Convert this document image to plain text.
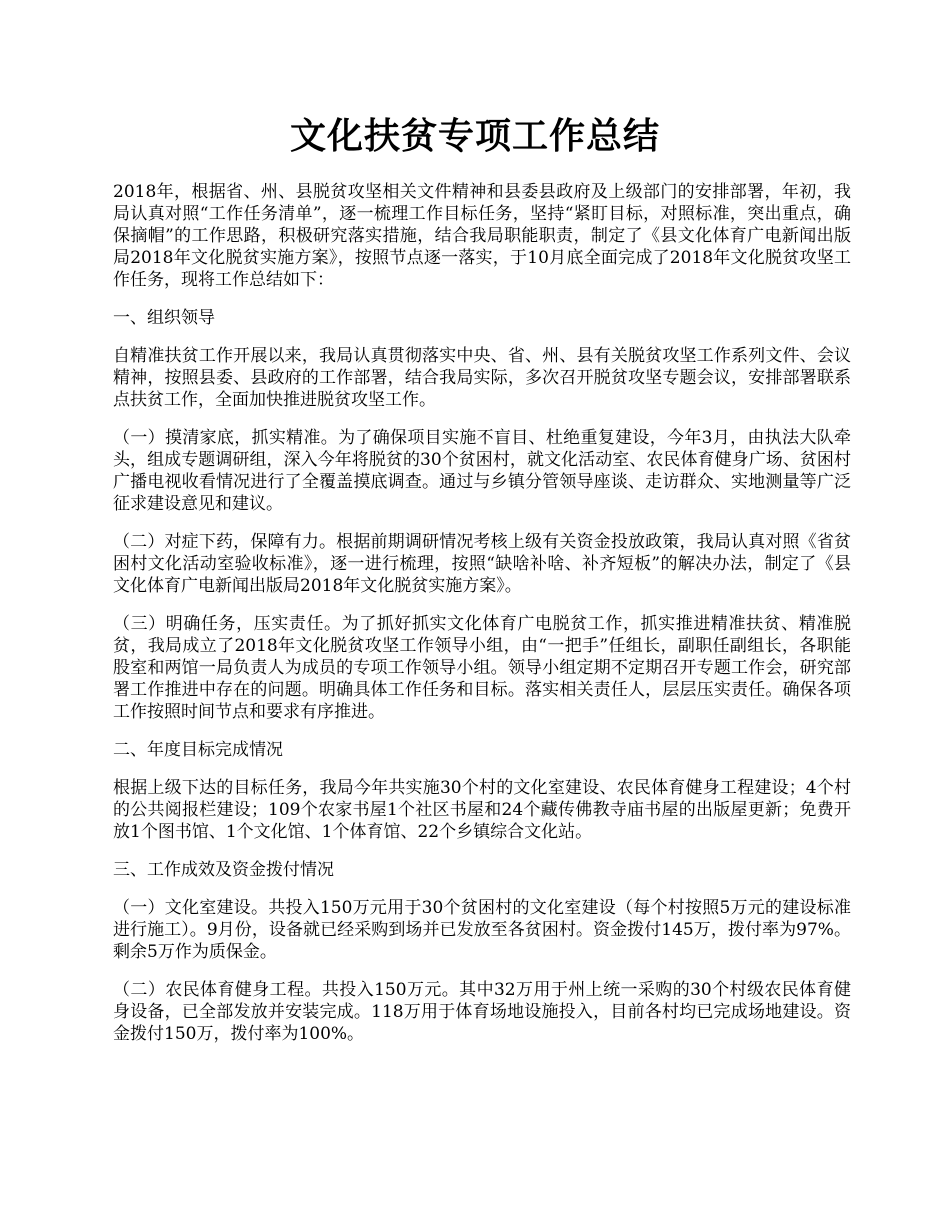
文化扶贫专项工作总结

2018年，根据省、州、县脱贫攻坚相关文件精神和县委县政府及上级部门的安排部署，年初，我局认真对照“工作任务清单”，逐一梳理工作目标任务，坚持“紧盯目标，对照标准，突出重点，确保摘帽”的工作思路，积极研究落实措施，结合我局职能职责，制定了《县文化体育广电新闻出版局2018年文化脱贫实施方案》，按照节点逐一落实，于10月底全面完成了2018年文化脱贫攻坚工作任务，现将工作总结如下：

一、组织领导

自精准扶贫工作开展以来，我局认真贯彻落实中央、省、州、县有关脱贫攻坚工作系列文件、会议精神，按照县委、县政府的工作部署，结合我局实际，多次召开脱贫攻坚专题会议，安排部署联系点扶贫工作，全面加快推进脱贫攻坚工作。

（一）摸清家底，抓实精准。为了确保项目实施不盲目、杜绝重复建设，今年3月，由执法大队牵头，组成专题调研组，深入今年将脱贫的30个贫困村，就文化活动室、农民体育健身广场、贫困村广播电视收看情况进行了全覆盖摸底调查。通过与乡镇分管领导座谈、走访群众、实地测量等广泛征求建设意见和建议。

（二）对症下药，保障有力。根据前期调研情况考核上级有关资金投放政策，我局认真对照《省贫困村文化活动室验收标准》，逐一进行梳理，按照“缺啥补啥、补齐短板”的解决办法，制定了《县文化体育广电新闻出版局2018年文化脱贫实施方案》。

（三）明确任务，压实责任。为了抓好抓实文化体育广电脱贫工作，抓实推进精准扶贫、精准脱贫，我局成立了2018年文化脱贫攻坚工作领导小组，由“一把手”任组长，副职任副组长，各职能股室和两馆一局负责人为成员的专项工作领导小组。领导小组定期不定期召开专题工作会，研究部署工作推进中存在的问题。明确具体工作任务和目标。落实相关责任人，层层压实责任。确保各项工作按照时间节点和要求有序推进。

二、年度目标完成情况

根据上级下达的目标任务，我局今年共实施30个村的文化室建设、农民体育健身工程建设；4个村的公共阅报栏建设；109个农家书屋1个社区书屋和24个藏传佛教寺庙书屋的出版屋更新；免费开放1个图书馆、1个文化馆、1个体育馆、22个乡镇综合文化站。

三、工作成效及资金拨付情况

（一）文化室建设。共投入150万元用于30个贫困村的文化室建设（每个村按照5万元的建设标准进行施工）。9月份，设备就已经采购到场并已发放至各贫困村。资金拨付145万，拨付率为97%。剩余5万作为质保金。

（二）农民体育健身工程。共投入150万元。其中32万用于州上统一采购的30个村级农民体育健身设备，已全部发放并安装完成。118万用于体育场地设施投入，目前各村均已完成场地建设。资金拨付150万，拨付率为100%。
